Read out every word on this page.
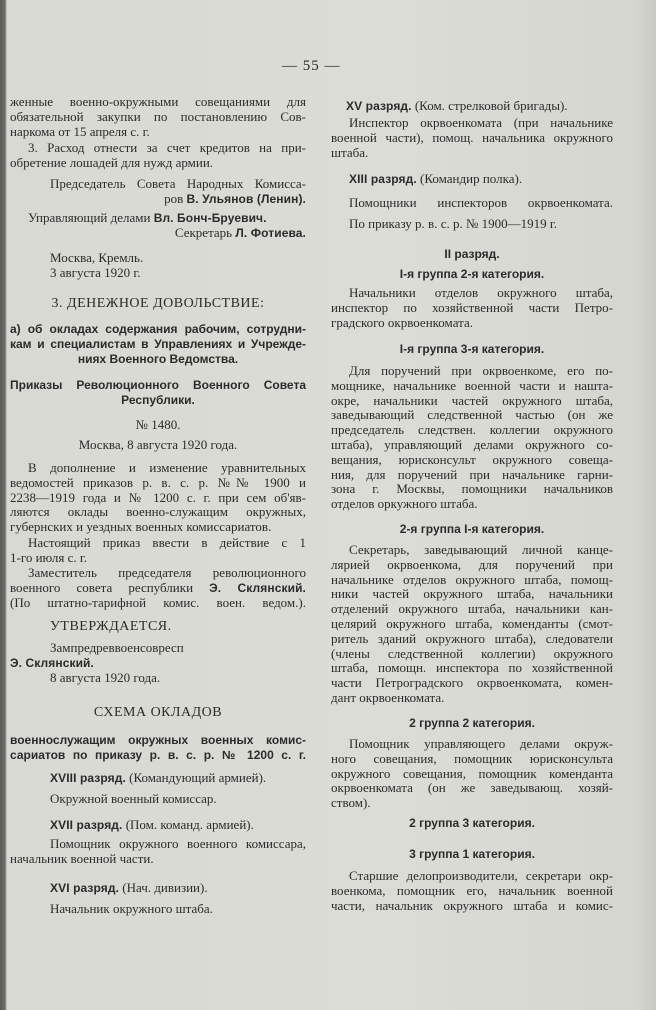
— 55 —
женные военно-окружными совещаниями для
обязательной закупки по постановлению Сов-
наркома от 15 апреля с. г.
3. Расход отнести за счет кредитов на при-
обретение лошадей для нужд армии.
Председатель Совета Народных Комисса-
ров В. Ульянов (Ленин).
Управляющий делами Вл. Бонч-Бруевич.
Секретарь Л. Фотиева.
Москва, Кремль.
3 августа 1920 г.
3. ДЕНЕЖНОЕ ДОВОЛЬСТВИЕ:
а) об окладах содержания рабочим, сотрудни-
кам и специалистам в Управлениях и Учрежде-
ниях Военного Ведомства.
Приказы Революционного Военного Совета
Республики.
№ 1480.
Москва, 8 августа 1920 года.
В дополнение и изменение уравнительных
ведомостей приказов р. в. с. р. №№ 1900 и
2238—1919 года и № 1200 с. г. при сем об'яв-
ляются оклады военно-служащим окружных,
губернских и уездных военных комиссариатов.
Настоящий приказ ввести в действие с 1
1-го июля с. г.
Заместитель председателя революционного
военного совета республики Э. Склянский.
(По штатно-тарифной комис. воен. ведом.).
УТВЕРЖДАЕТСЯ.
Зампредреввоенсовресп
Э. Склянский.
8 августа 1920 года.
СХЕМА ОКЛАДОВ
военнослужащим окружных военных комис-
сариатов по приказу р. в. с. р. № 1200 с. г.
XVIII разряд. (Командующий армией).
Окружной военный комиссар.
XVII разряд. (Пом. команд. армией).
Помощник окружного военного комиссара,
начальник военной части.
XVI разряд. (Нач. дивизии).
Начальник окружного штаба.
XV разряд. (Ком. стрелковой бригады).
Инспектор окрвоенкомата (при начальнике
военной части), помощ. начальника окружного
штаба.
XIII разряд. (Командир полка).
Помощники инспекторов окрвоенкомата.
По приказу р. в. с. р. № 1900—1919 г.
II разряд.
I-я группа 2-я категория.
Начальники отделов окружного штаба,
инспектор по хозяйственной части Петро-
градского окрвоенкомата.
I-я группа 3-я категория.
Для поручений при окрвоенкоме, его по-
мощнике, начальнике военной части и нашта-
окре, начальники частей окружного штаба,
заведывающий следственной частью (он же
председатель следствен. коллегии окружного
штаба), управляющий делами окружного со-
вещания, юрисконсульт окружного совеща-
ния, для поручений при начальнике гарни-
зона г. Москвы, помощники начальников
отделов оркужного штаба.
2-я группа I-я категория.
Секретарь, заведывающий личной канце-
лярией окрвоенкома, для поручений при
начальнике отделов окружного штаба, помощ-
ники частей окружного штаба, начальники
отделений окружного штаба, начальники кан-
целярий окружного штаба, коменданты (смот-
ритель зданий окружного штаба), следователи
(члены следственной коллегии) окружного
штаба, помощн. инспектора по хозяйственной
части Петроградского окрвоенкомата, комен-
дант окрвоенкомата.
2 группа 2 категория.
Помощник управляющего делами окруж-
ного совещания, помощник юрисконсульта
окружного совещания, помощник коменданта
окрвоенкомата (он же заведывающ. хозяй-
ством).
2 группа 3 категория.
3 группа 1 категория.
Старшие делопроизводители, секретари окр-
военкома, помощник его, начальник военной
части, начальник окружного штаба и комис-
